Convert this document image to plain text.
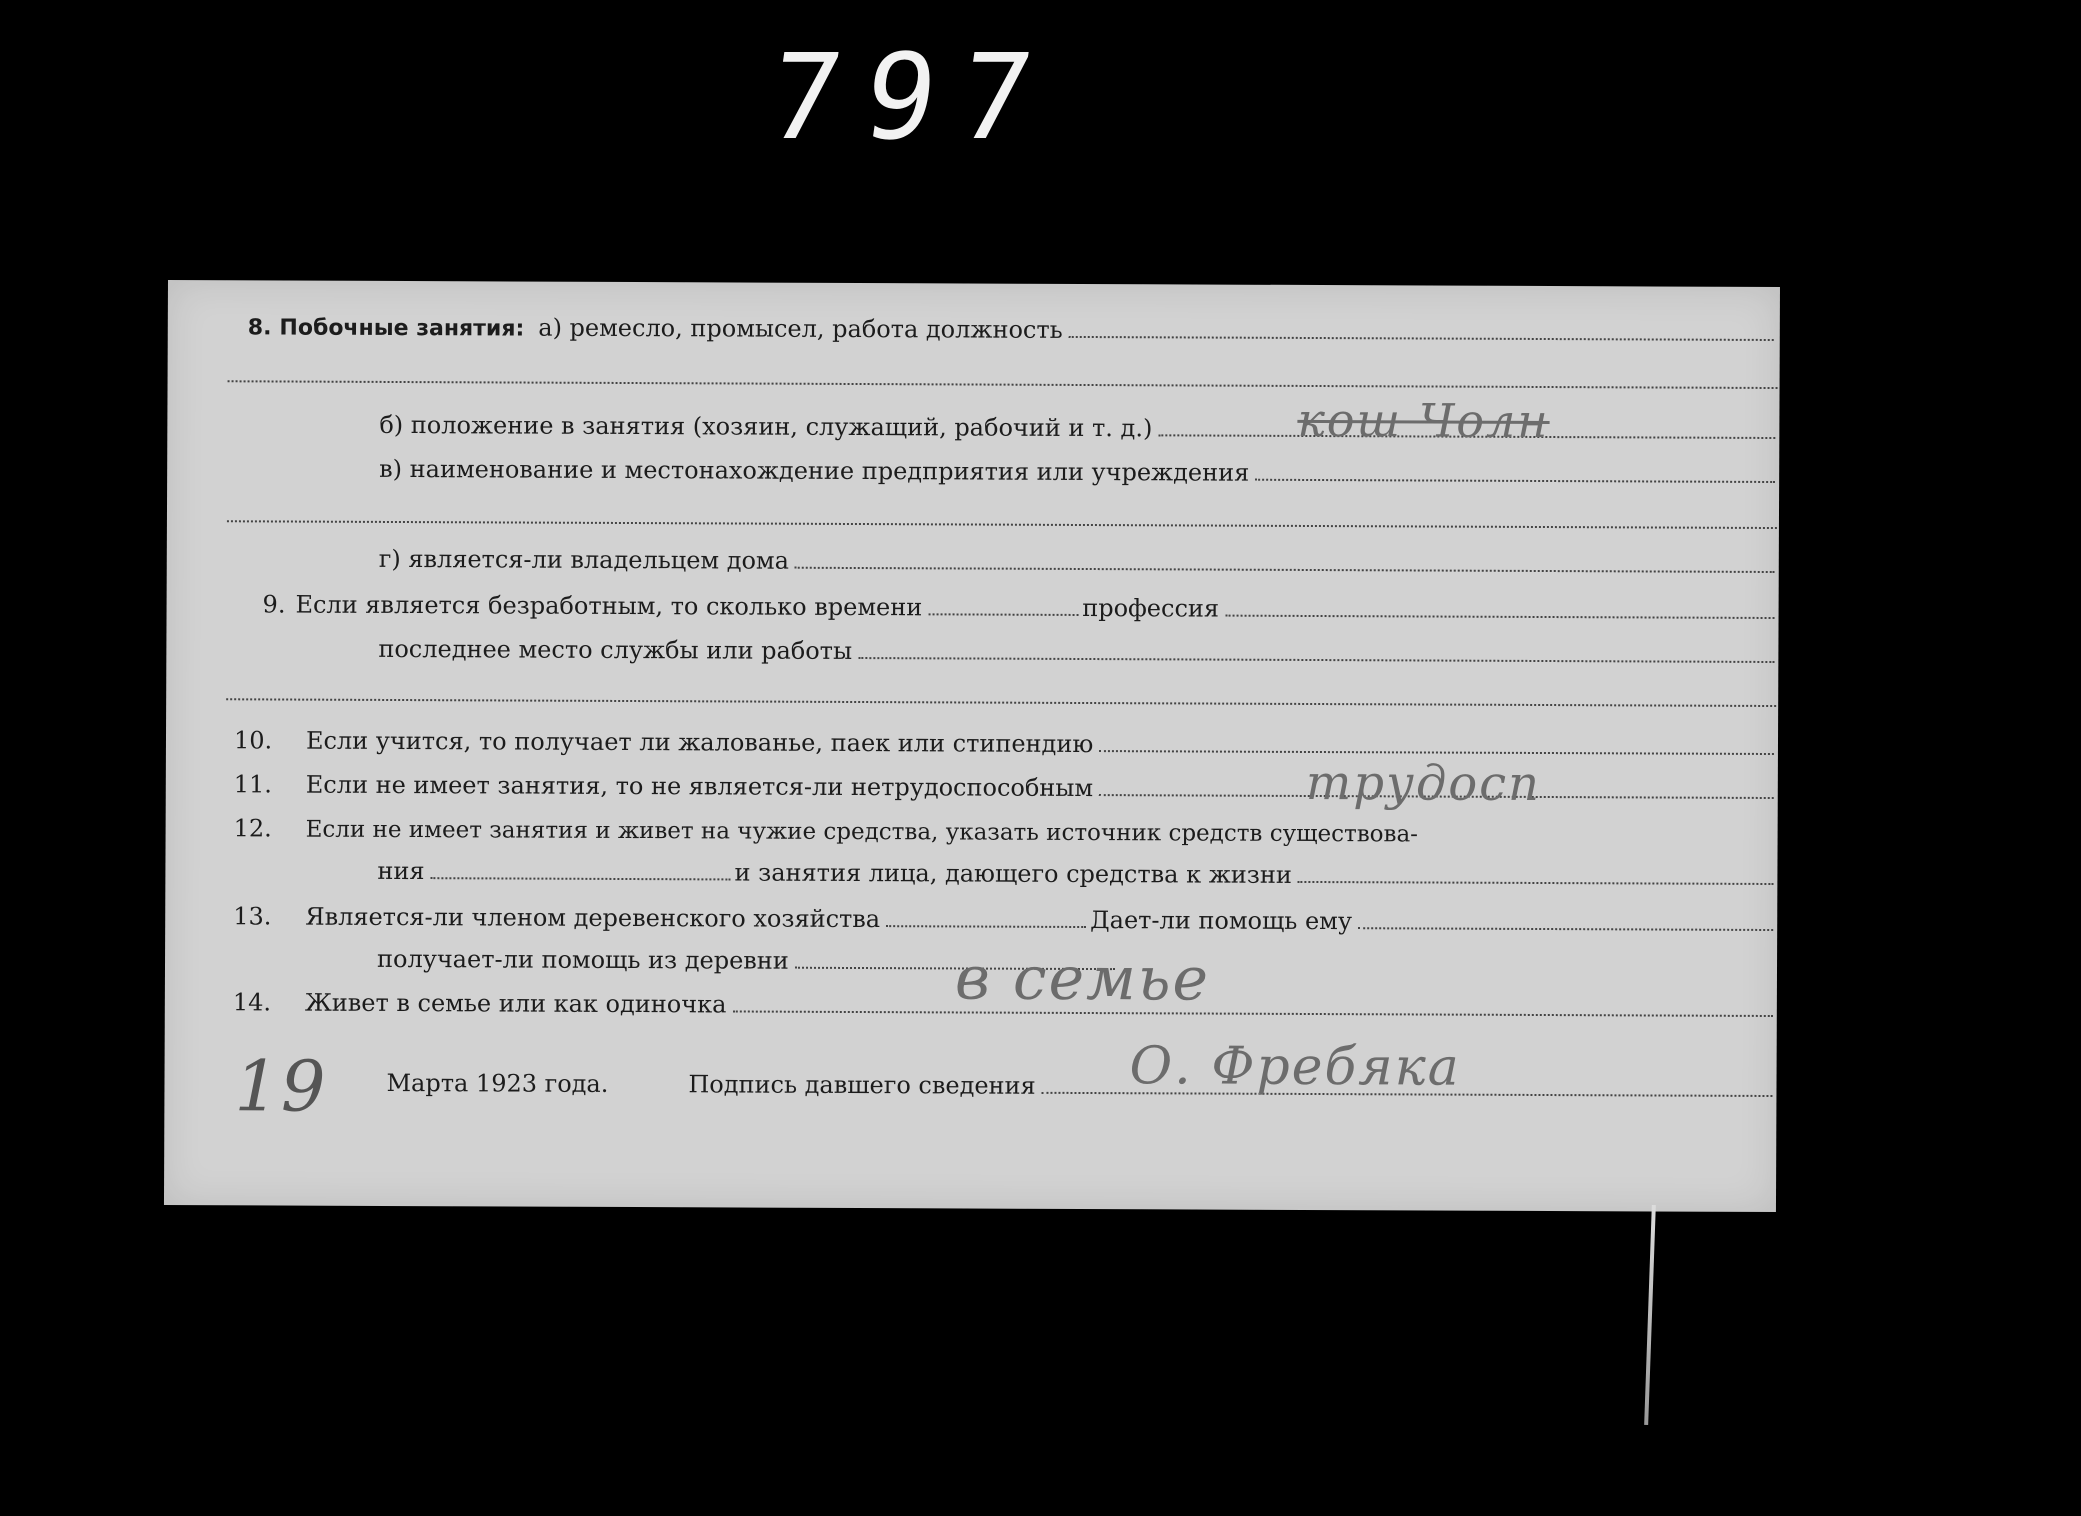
797
8. Побочные занятия: а) ремесло, промысел, работа должность
б) положение в занятия (хозяин, служащий, рабочий и т. д.)	кош Чолн
в) наименование и местонахождение предприятия или учреждения
г) является-ли владельцем дома
9. Если является безработным, то сколько времени	профессия
последнее место службы или работы
10.	Если учится, то получает ли жалованье, паек или стипендию
11.	Если не имеет занятия, то не является-ли нетрудоспособным	трудосп
12.	Если не имеет занятия и живет на чужие средства, указать источник средств существова-
ния	и занятия лица, дающего средства к жизни
13.	Является-ли членом деревенского хозяйства	Дает-ли помощь ему
получает-ли помощь из деревни
14.	Живет в семье или как одиночка	в семье
19 Марта 1923 года.	Подпись давшего сведения О. Фребяка
